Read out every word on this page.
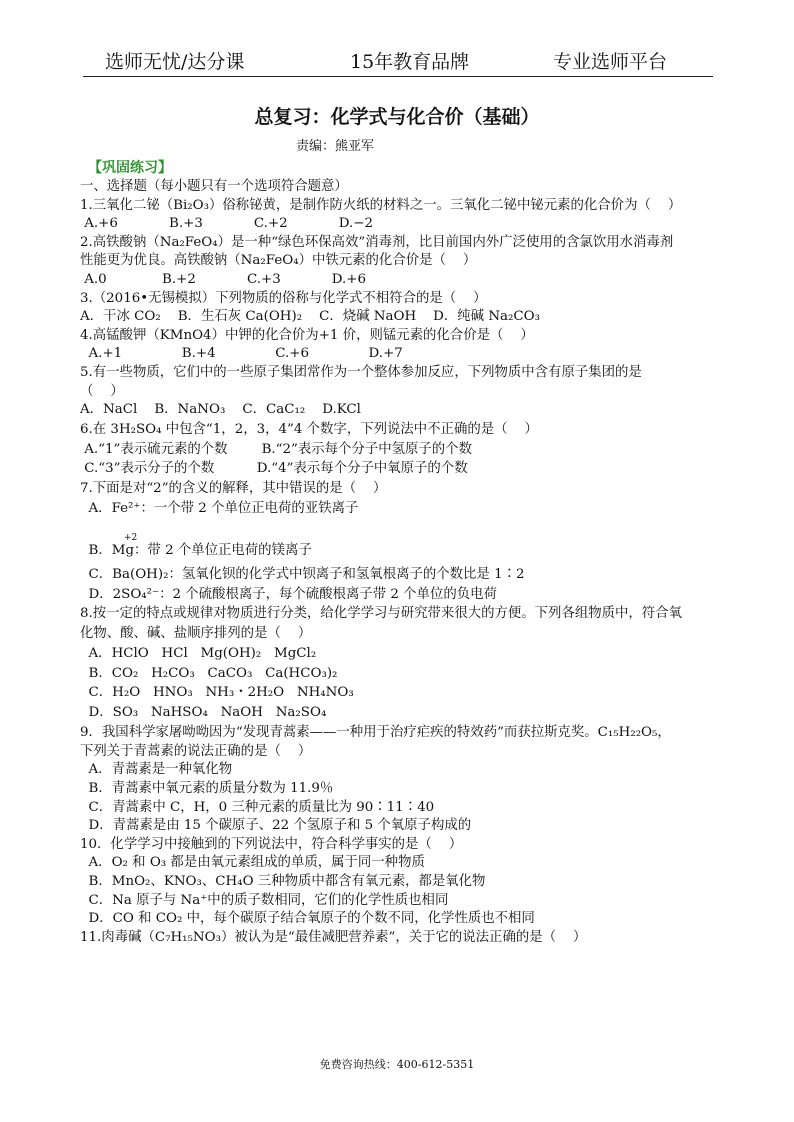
选师无忧/达分课	15年教育品牌	专业选师平台
总复习：化学式与化合价（基础）
责编：熊亚军
【巩固练习】
一、选择题（每小题只有一个选项符合题意）
1.三氧化二铋（Bi₂O₃）俗称铋黄，是制作防火纸的材料之一。三氧化二铋中铋元素的化合价为（    ）
A.+6            B.+3            C.+2            D.−2
2.高铁酸钠（Na₂FeO₄）是一种“绿色环保高效”消毒剂，比目前国内外广泛使用的含氯饮用水消毒剂
性能更为优良。高铁酸钠（Na₂FeO₄）中铁元素的化合价是（    ）
A.0             B.+2            C.+3            D.+6
3.（2016•无锡模拟）下列物质的俗称与化学式不相符合的是（    ）
A．干冰 CO₂    B．生石灰 Ca(OH)₂    C．烧碱 NaOH    D．纯碱 Na₂CO₃
4.高锰酸钾（KMnO4）中钾的化合价为+1 价，则锰元素的化合价是（    ）
A.+1              B.+4              C.+6              D.+7
5.有一些物质，它们中的一些原子集团常作为一个整体参加反应，下列物质中含有原子集团的是
（    ）
A．NaCl    B．NaNO₃    C．CaC₁₂    D.KCl
6.在 3H₂SO₄ 中包含“1，2，3，4”4 个数字，下列说法中不正确的是（    ）
A.“1”表示硫元素的个数        B.“2”表示每个分子中氢原子的个数
C.“3”表示分子的个数          D.“4”表示每个分子中氧原子的个数
7.下面是对“2”的含义的解释，其中错误的是（    ）
A．Fe²⁺：一个带 2 个单位正电荷的亚铁离子

+2

B．Mg：带 2 个单位正电荷的镁离子

C．Ba(OH)₂：氢氧化钡的化学式中钡离子和氢氧根离子的个数比是 1∶2
D．2SO₄²⁻：2 个硫酸根离子，每个硫酸根离子带 2 个单位的负电荷
8.按一定的特点或规律对物质进行分类，给化学学习与研究带来很大的方便。下列各组物质中，符合氧
化物、酸、碱、盐顺序排列的是（    ）
A．HClO   HCl   Mg(OH)₂   MgCl₂
B．CO₂   H₂CO₃   CaCO₃   Ca(HCO₃)₂
C．H₂O   HNO₃   NH₃・2H₂O   NH₄NO₃
D．SO₃   NaHSO₄   NaOH   Na₂SO₄
9．我国科学家屠呦呦因为“发现青蒿素——一种用于治疗疟疾的特效药”而获拉斯克奖。C₁₅H₂₂O₅，
下列关于青蒿素的说法正确的是（    ）
A．青蒿素是一种氧化物
B．青蒿素中氧元素的质量分数为 11.9％
C．青蒿素中 C，H，0 三种元素的质量比为 90∶11∶40
D．青蒿素是由 15 个碳原子、22 个氢原子和 5 个氧原子构成的
10．化学学习中接触到的下列说法中，符合科学事实的是（    ）
A．O₂ 和 O₃ 都是由氧元素组成的单质，属于同一种物质
B．MnO₂、KNO₃、CH₄O 三种物质中都含有氧元素，都是氧化物
C．Na 原子与 Na⁺中的质子数相同，它们的化学性质也相同
D．CO 和 CO₂ 中，每个碳原子结合氧原子的个数不同，化学性质也不相同
11.肉毒碱（C₇H₁₅NO₃）被认为是“最佳减肥营养素”，关于它的说法正确的是（    ）
免费咨询热线：400-612-5351
